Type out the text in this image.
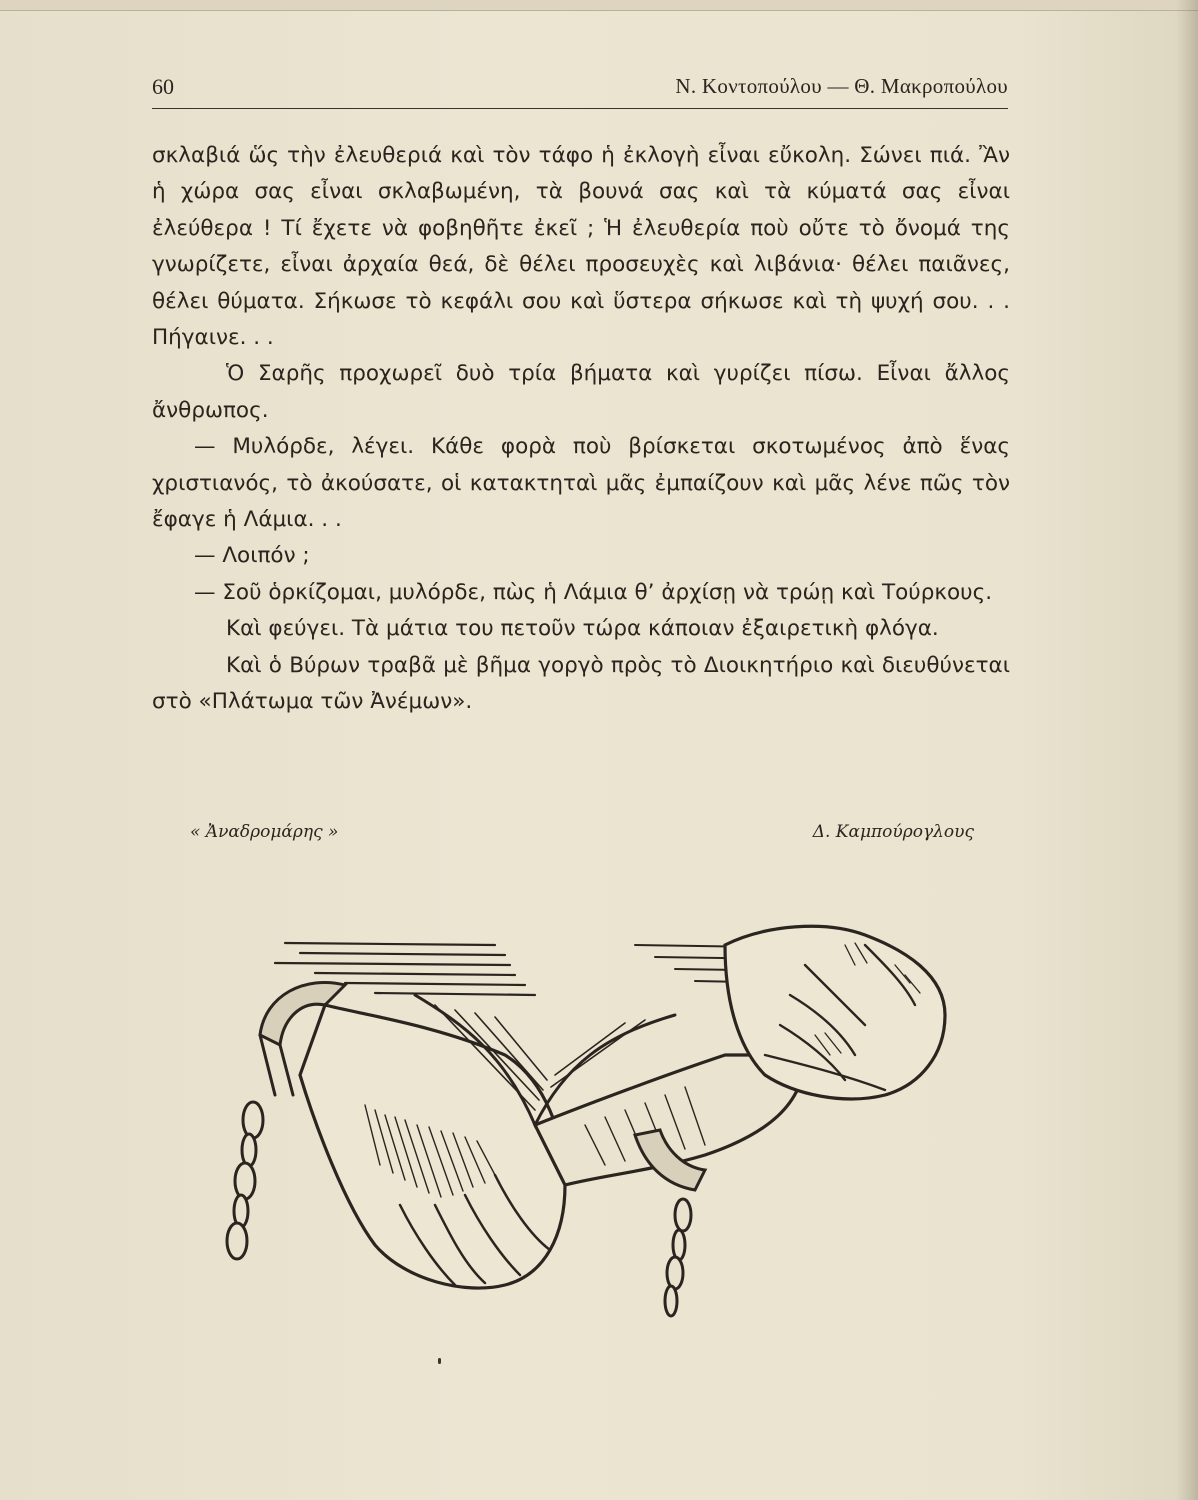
60	Ν. Κοντοπούλου — Θ. Μακροπούλου

σκλαβιά ὥς τὴν ἐλευθεριά καὶ τὸν τάφο ἡ ἐκλογὴ εἶναι εὔκολη. Σώνει πιά. Ἂν ἡ χώρα σας εἶναι σκλαβωμένη, τὰ βουνά σας καὶ τὰ κύματά σας εἶναι ἐλεύθερα ! Τί ἔχετε νὰ φοβηθῆτε ἐκεῖ ; Ἡ ἐλευθερία ποὺ οὔτε τὸ ὄνομά της γνωρίζετε, εἶναι ἀρχαία θεά, δὲ θέλει προσευχὲς καὶ λιβάνια· θέλει παιᾶνες, θέλει θύματα. Σήκωσε τὸ κεφάλι σου καὶ ὕστερα σήκωσε καὶ τὴ ψυχή σου. . . Πήγαινε. . .

Ὁ Σαρῆς προχωρεῖ δυὸ τρία βήματα καὶ γυρίζει πίσω. Εἶναι ἄλλος ἄνθρωπος.

— Μυλόρδε, λέγει. Κάθε φορὰ ποὺ βρίσκεται σκοτωμένος ἀπὸ ἕνας χριστιανός, τὸ ἀκούσατε, οἱ κατακτηταὶ μᾶς ἐμπαίζουν καὶ μᾶς λένε πῶς τὸν ἔφαγε ἡ Λάμια. . .

— Λοιπόν ;

— Σοῦ ὁρκίζομαι, μυλόρδε, πὼς ἡ Λάμια θ’ ἀρχίσῃ νὰ τρώῃ καὶ Τούρκους.

Καὶ φεύγει. Τὰ μάτια του πετοῦν τώρα κάποιαν ἐξαιρετικὴ φλόγα.

Καὶ ὁ Βύρων τραβᾶ μὲ βῆμα γοργὸ πρὸς τὸ Διοικητήριο καὶ διευθύνεται στὸ «Πλάτωμα τῶν Ἀνέμων».

« Ἀναδρομάρης »	Δ. Καμπούρογλους
